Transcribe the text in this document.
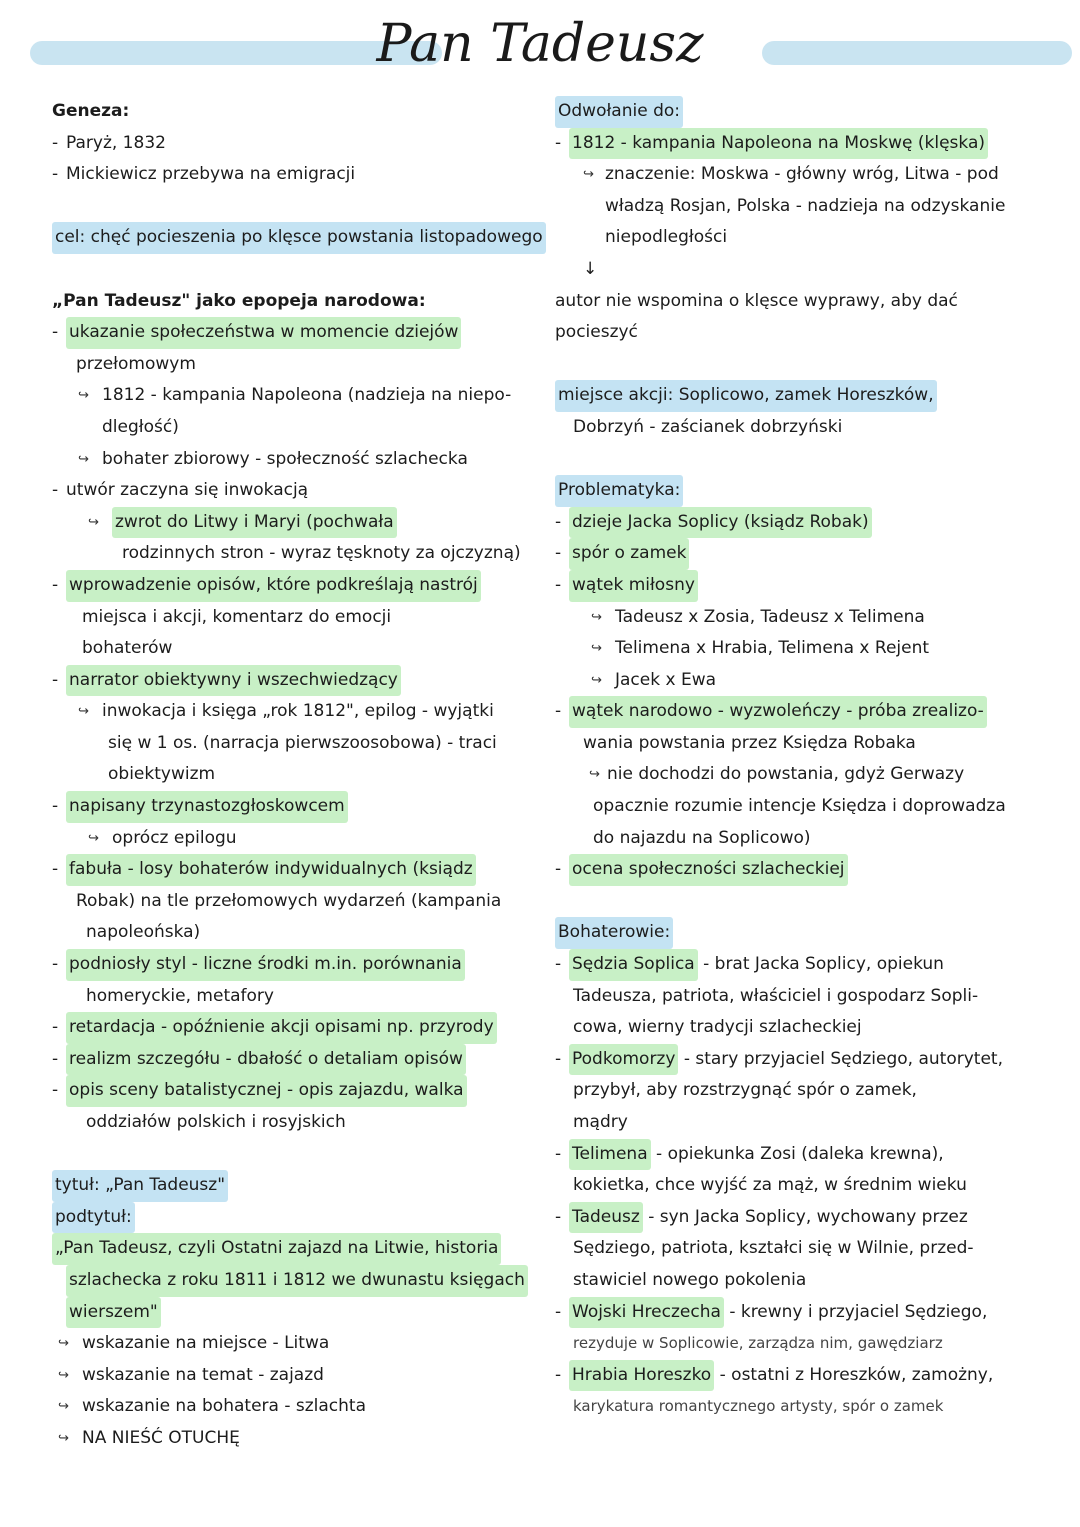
Pan Tadeusz
Geneza:
- Paryż, 1832
- Mickiewicz przebywa na emigracji
cel: chęć pocieszenia po klęsce powstania listopadowego
„Pan Tadeusz" jako epopeja narodowa:
- ukazanie społeczeństwa w momencie dziejów
przełomowym
↪ 1812 - kampania Napoleona (nadzieja na niepo-
dległość)
↪ bohater zbiorowy - społeczność szlachecka
- utwór zaczyna się inwokacją
↪ zwrot do Litwy i Maryi (pochwała
rodzinnych stron - wyraz tęsknoty za ojczyzną)
- wprowadzenie opisów, które podkreślają nastrój
miejsca i akcji, komentarz do emocji
bohaterów
- narrator obiektywny i wszechwiedzący
↪ inwokacja i księga „rok 1812", epilog - wyjątki
się w 1 os. (narracja pierwszoosobowa) - traci
obiektywizm
- napisany trzynastozgłoskowcem
↪ oprócz epilogu
- fabuła - losy bohaterów indywidualnych (ksiądz
Robak) na tle przełomowych wydarzeń (kampania
napoleońska)
- podniosły styl - liczne środki m.in. porównania
homeryckie, metafory
- retardacja - opóźnienie akcji opisami np. przyrody
- realizm szczegółu - dbałość o detaliam opisów
- opis sceny batalistycznej - opis zajazdu, walka
oddziałów polskich i rosyjskich
tytuł: „Pan Tadeusz"
podtytuł:
„Pan Tadeusz, czyli Ostatni zajazd na Litwie, historia
szlachecka z roku 1811 i 1812 we dwunastu księgach
wierszem"
↪ wskazanie na miejsce - Litwa
↪ wskazanie na temat - zajazd
↪ wskazanie na bohatera - szlachta
↪ NA NIEŚĆ OTUCHĘ
Odwołanie do:
- 1812 - kampania Napoleona na Moskwę (klęska)
↪ znaczenie: Moskwa - główny wróg, Litwa - pod
władzą Rosjan, Polska - nadzieja na odzyskanie
niepodległości
↓
autor nie wspomina o klęsce wyprawy, aby dać
pocieszyć
miejsce akcji: Soplicowo, zamek Horeszków,
Dobrzyń - zaścianek dobrzyński
Problematyka:
- dzieje Jacka Soplicy (ksiądz Robak)
- spór o zamek
- wątek miłosny
↪ Tadeusz x Zosia, Tadeusz x Telimena
↪ Telimena x Hrabia, Telimena x Rejent
↪ Jacek x Ewa
- wątek narodowo - wyzwoleńczy - próba zrealizo-
wania powstania przez Księdza Robaka
↪ nie dochodzi do powstania, gdyż Gerwazy
opacznie rozumie intencje Księdza i doprowadza
do najazdu na Soplicowo)
- ocena społeczności szlacheckiej
Bohaterowie:
- Sędzia Soplica - brat Jacka Soplicy, opiekun
Tadeusza, patriota, właściciel i gospodarz Sopli-
cowa, wierny tradycji szlacheckiej
- Podkomorzy - stary przyjaciel Sędziego, autorytet,
przybył, aby rozstrzygnąć spór o zamek,
mądry
- Telimena - opiekunka Zosi (daleka krewna),
kokietka, chce wyjść za mąż, w średnim wieku
- Tadeusz - syn Jacka Soplicy, wychowany przez
Sędziego, patriota, kształci się w Wilnie, przed-
stawiciel nowego pokolenia
- Wojski Hreczecha - krewny i przyjaciel Sędziego,
rezyduje w Soplicowie, zarządza nim, gawędziarz
- Hrabia Horeszko - ostatni z Horeszków, zamożny,
karykatura romantycznego artysty, spór o zamek
